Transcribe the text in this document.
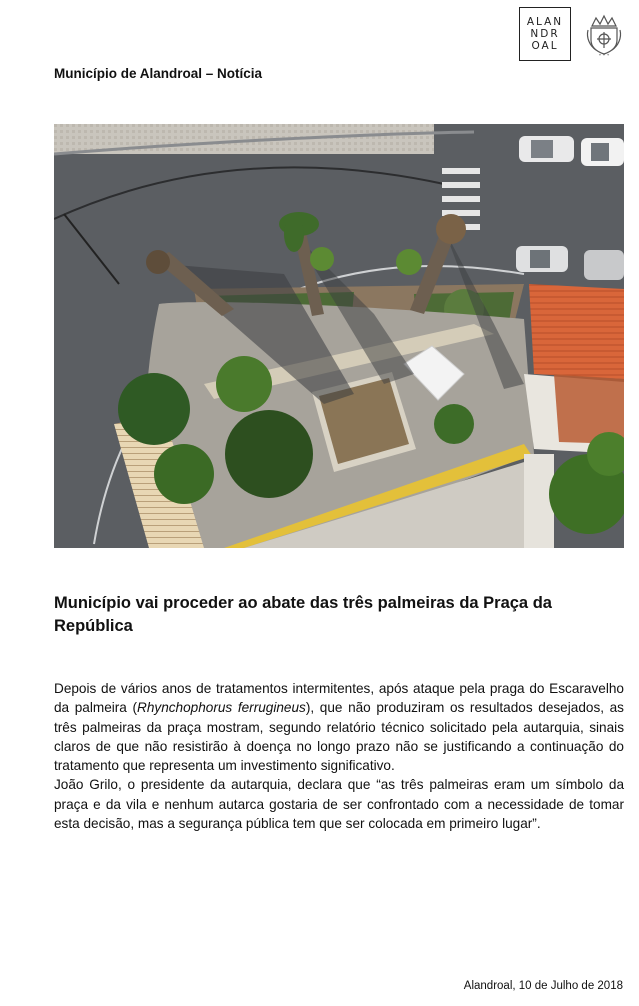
ALAN
NDR
OAL
✦ ✦ ✦
Município de Alandroal – Notícia
Município vai proceder ao abate das três palmeiras da Praça da República

Depois de vários anos de tratamentos intermitentes, após ataque pela praga do Escaravelho da palmeira (Rhynchophorus ferrugineus), que não produziram os resultados desejados, as três palmeiras da praça mostram, segundo relatório técnico solicitado pela autarquia, sinais claros de que não resistirão à doença no longo prazo não se justificando a continuação do tratamento que representa um investimento significativo.

João Grilo, o presidente da autarquia, declara que “as três palmeiras eram um símbolo da praça e da vila e nenhum autarca gostaria de ser confrontado com a necessidade de tomar esta decisão, mas a segurança pública tem que ser colocada em primeiro lugar”.

Alandroal, 10 de Julho de 2018
